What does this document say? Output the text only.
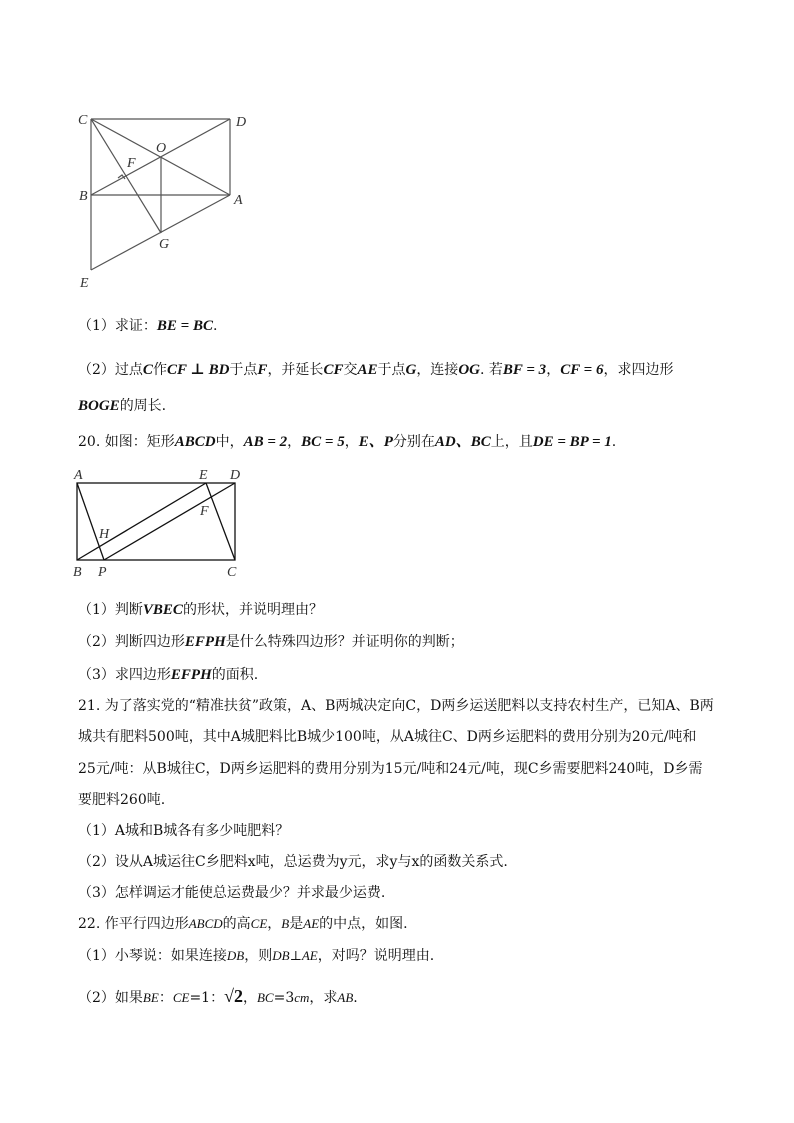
C	D
O
F
B	A
G
E
（1）求证：BE = BC.
（2）过点C作CF ⊥ BD于点F，并延长CF交AE于点G，连接OG. 若BF = 3，CF = 6，求四边形
BOGE的周长.
20. 如图：矩形ABCD中，AB = 2，BC = 5，E、P分别在AD、BC上，且DE = BP = 1.
A	E D
F
H
B P	C
（1）判断VBEC的形状，并说明理由？
（2）判断四边形EFPH是什么特殊四边形？并证明你的判断；
（3）求四边形EFPH的面积.
21. 为了落实党的“精准扶贫”政策，A、B两城决定向C，D两乡运送肥料以支持农村生产，已知A、B两
城共有肥料500吨，其中A城肥料比B城少100吨，从A城往C、D两乡运肥料的费用分别为20元/吨和
25元/吨：从B城往C，D两乡运肥料的费用分别为15元/吨和24元/吨，现C乡需要肥料240吨，D乡需
要肥料260吨.
（1）A城和B城各有多少吨肥料？
（2）设从A城运往C乡肥料x吨，总运费为y元，求y与x的函数关系式.
（3）怎样调运才能使总运费最少？并求最少运费.
22. 作平行四边形ABCD的高CE，B是AE的中点，如图.
（1）小琴说：如果连接DB，则DB⊥AE，对吗？说明理由.
（2）如果BE：CE=1：√2，BC=3cm，求AB.
